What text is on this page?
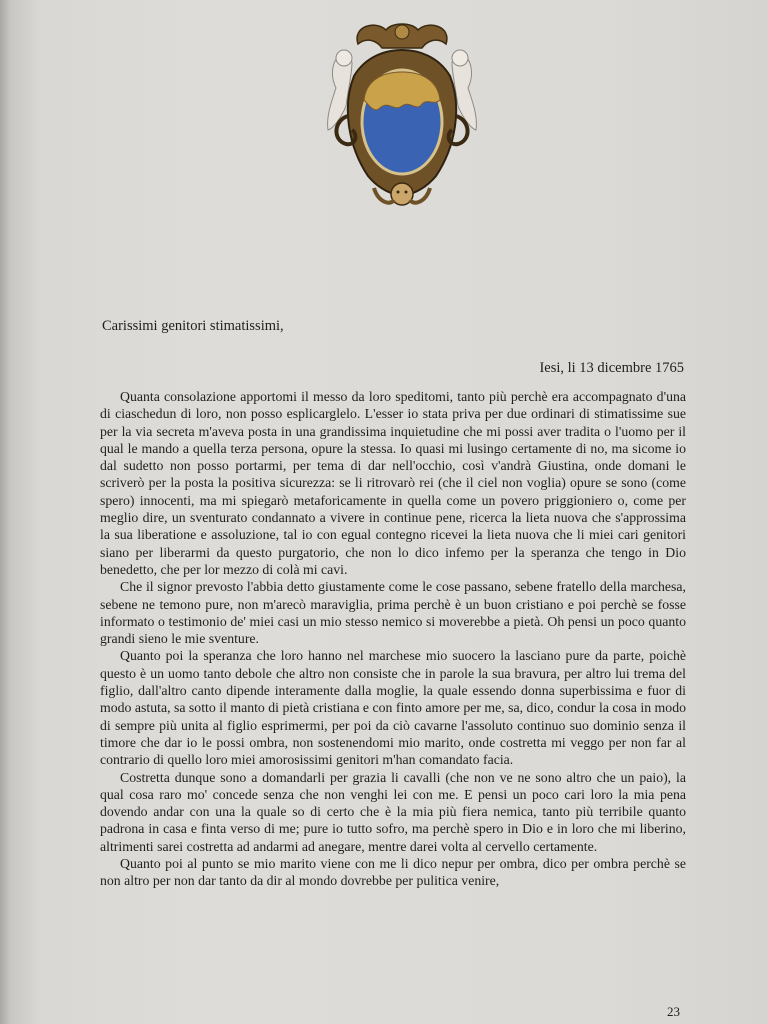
Carissimi genitori stimatissimi,

Iesi, li 13 dicembre 1765

Quanta consolazione apportomi il messo da loro speditomi, tanto più perchè era accompagnato d'una di ciaschedun di loro, non posso esplicarglelo. L'esser io stata priva per due ordinari di stimatissime sue per la via secreta m'aveva posta in una grandissima inquietudine che mi possi aver tradita o l'uomo per il qual le mando a quella terza persona, opure la stessa. Io quasi mi lusingo certamente di no, ma sicome io dal sudetto non posso portarmi, per tema di dar nell'occhio, così v'andrà Giustina, onde domani le scriverò per la posta la positiva sicurezza: se li ritrovarò rei (che il ciel non voglia) opure se sono (come spero) innocenti, ma mi spiegarò metaforicamente in quella come un povero priggioniero o, come per meglio dire, un sventurato condannato a vivere in continue pene, ricerca la lieta nuova che s'approssima la sua liberatione e assoluzione, tal io con egual contegno ricevei la lieta nuova che li miei cari genitori siano per liberarmi da questo purgatorio, che non lo dico infemo per la speranza che tengo in Dio benedetto, che per lor mezzo di colà mi cavi.

Che il signor prevosto l'abbia detto giustamente come le cose passano, sebene fratello della marchesa, sebene ne temono pure, non m'arecò maraviglia, prima perchè è un buon cristiano e poi perchè se fosse informato o testimonio de' miei casi un mio stesso nemico si moverebbe a pietà. Oh pensi un poco quanto grandi sieno le mie sventure.

Quanto poi la speranza che loro hanno nel marchese mio suocero la lasciano pure da parte, poichè questo è un uomo tanto debole che altro non consiste che in parole la sua bravura, per altro lui trema del figlio, dall'altro canto dipende interamente dalla moglie, la quale essendo donna superbissima e fuor di modo astuta, sa sotto il manto di pietà cristiana e con finto amore per me, sa, dico, condur la cosa in modo di sempre più unita al figlio esprimermi, per poi da ciò cavarne l'assoluto continuo suo dominio senza il timore che dar io le possi ombra, non sostenendomi mio marito, onde costretta mi veggo per non far al contrario di quello loro miei amorosissimi genitori m'han comandato facia.

Costretta dunque sono a domandarli per grazia li cavalli (che non ve ne sono altro che un paio), la qual cosa raro mo' concede senza che non venghi lei con me. E pensi un poco cari loro la mia pena dovendo andar con una la quale so di certo che è la mia più fiera nemica, tanto più terribile quanto padrona in casa e finta verso di me; pure io tutto sofro, ma perchè spero in Dio e in loro che mi liberino, altrimenti sarei costretta ad andarmi ad anegare, mentre darei volta al cervello certamente.

Quanto poi al punto se mio marito viene con me li dico nepur per ombra, dico per ombra perchè se non altro per non dar tanto da dir al mondo dovrebbe per pulitica venire,

23
